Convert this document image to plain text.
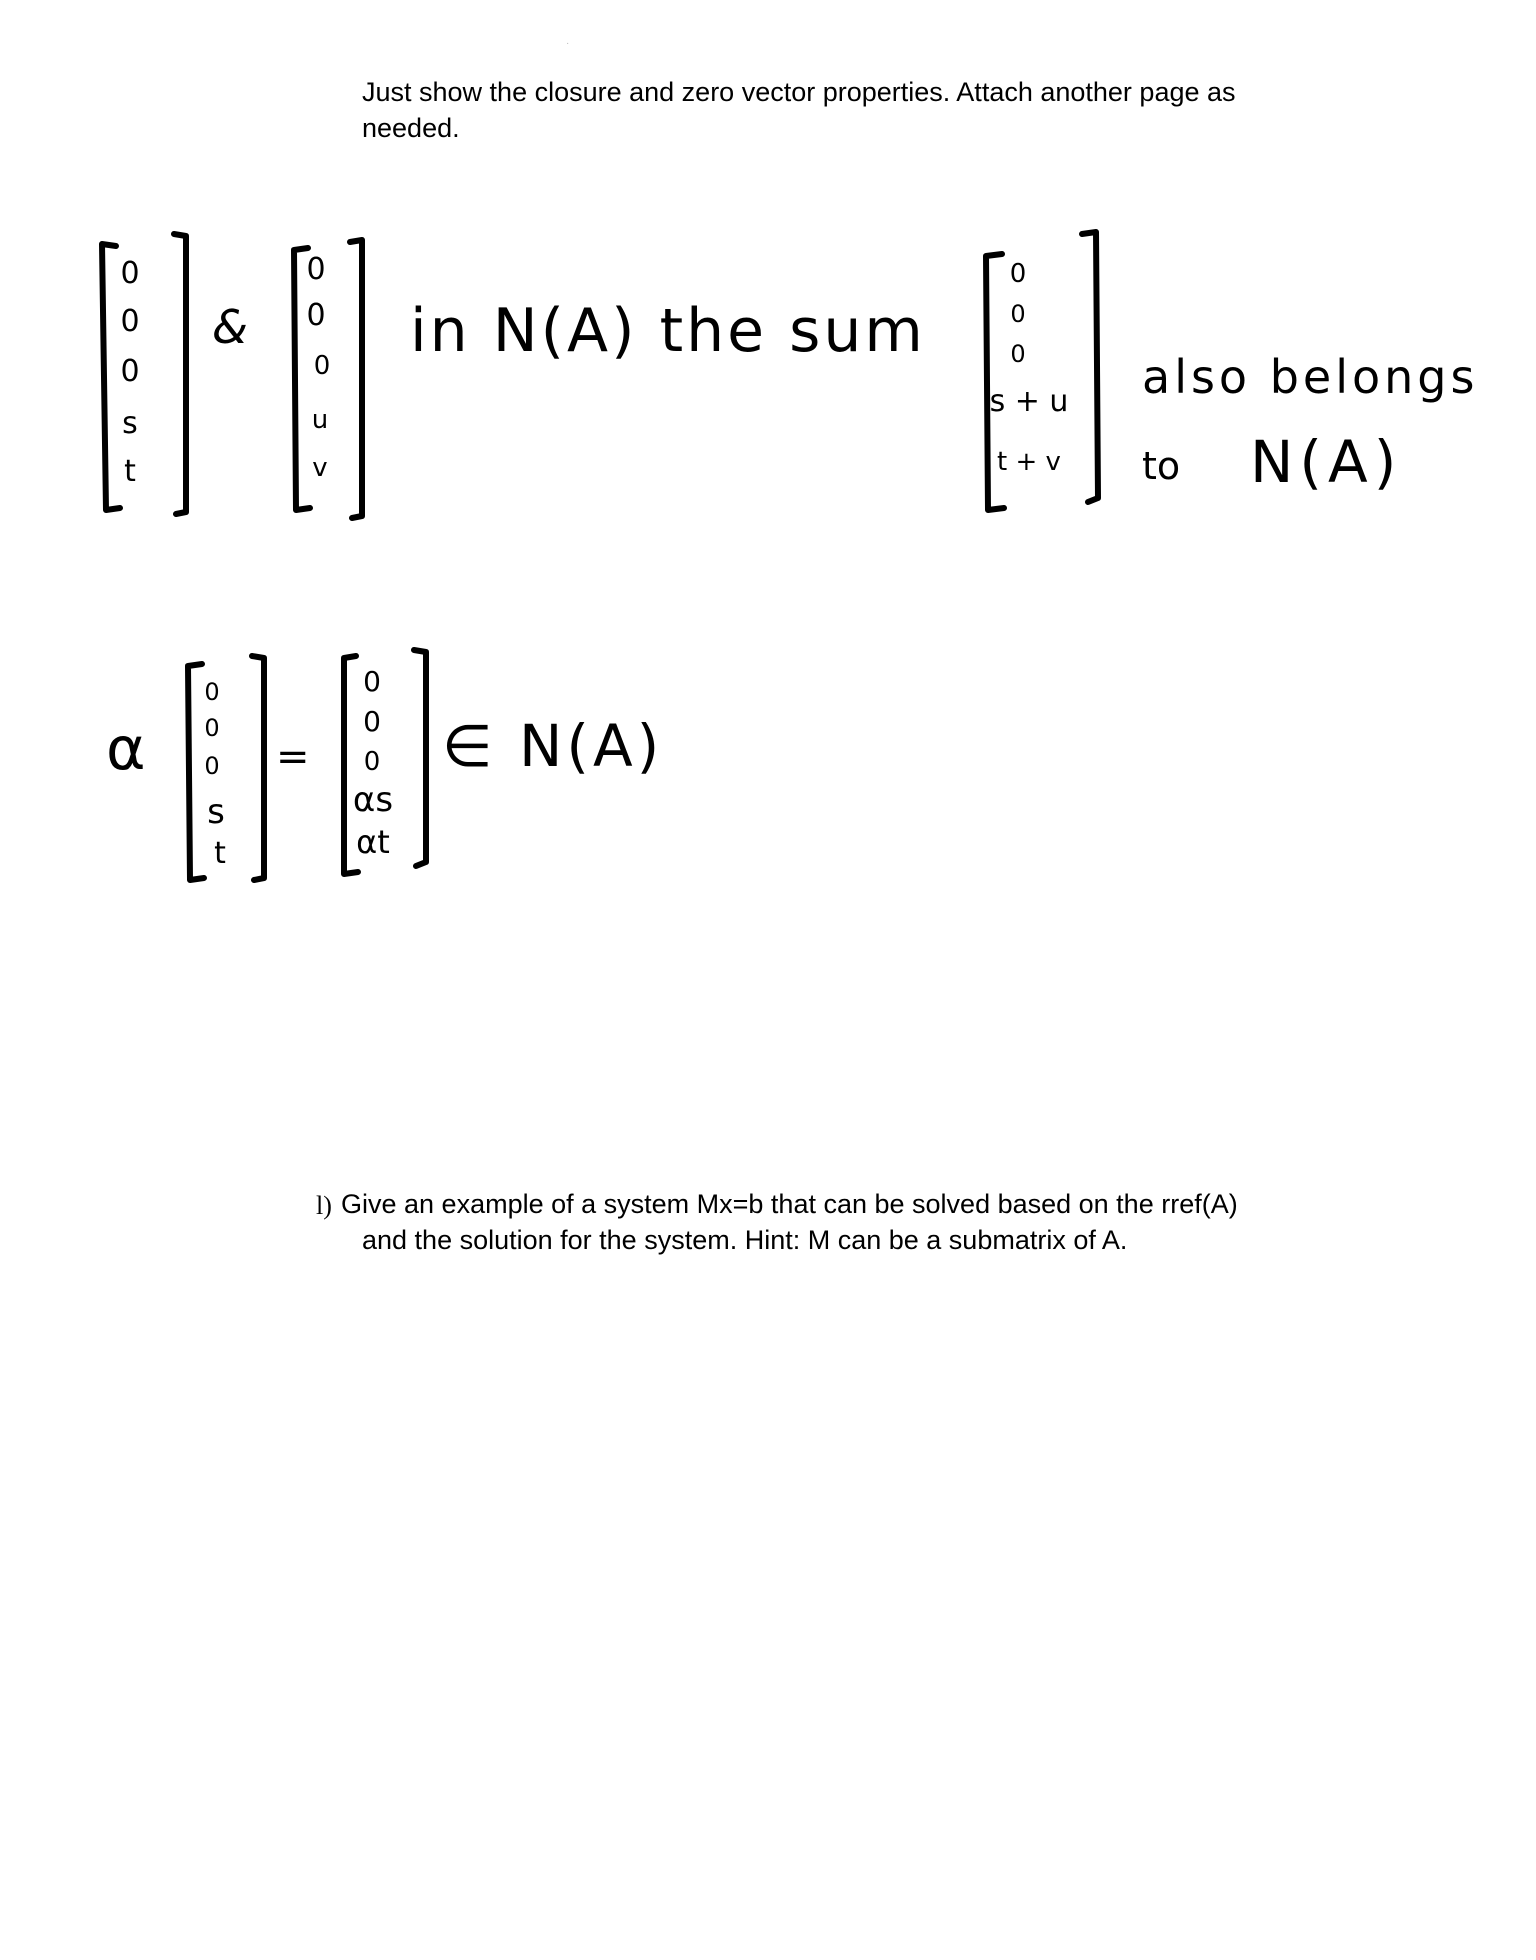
·
Just show the closure and zero vector properties. Attach another page as
needed.
0
0
0
s
t
&
0
0
0
u
v
in N(A) the sum
0
0
0
s + u
t + v
also belongs
to N(A)
α
0
0
0
s
t
=
0
0
0
αs
αt
∈ N(A)
l) Give an example of a system Mx=b that can be solved based on the rref(A)
and the solution for the system. Hint: M can be a submatrix of A.
